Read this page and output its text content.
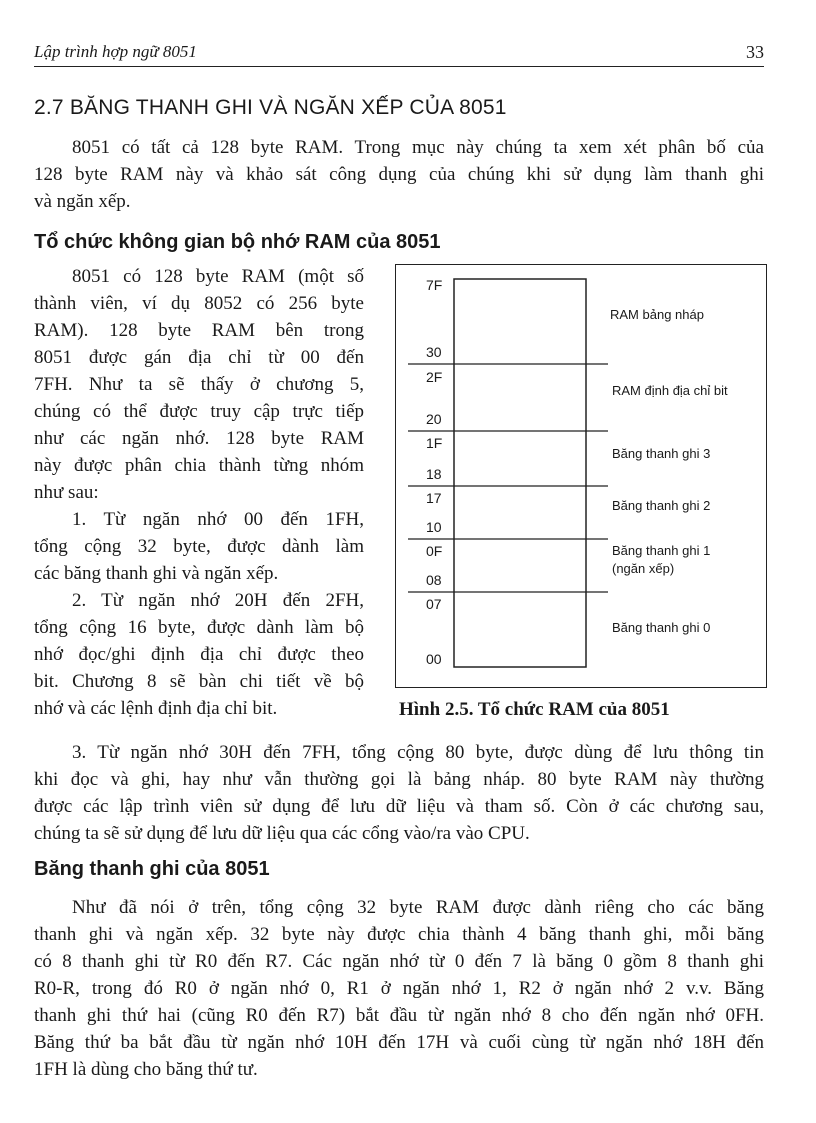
Lập trình hợp ngữ 8051	33
2.7 BĂNG THANH GHI VÀ NGĂN XẾP CỦA 8051
8051 có tất cả 128 byte RAM. Trong mục này chúng ta xem xét phân bố của
128 byte RAM này và khảo sát công dụng của chúng khi sử dụng làm thanh ghi
và ngăn xếp.
Tổ chức không gian bộ nhớ RAM của 8051
8051 có 128 byte RAM (một số
thành viên, ví dụ 8052 có 256 byte
RAM). 128 byte RAM bên trong
8051 được gán địa chỉ từ 00 đến
7FH. Như ta sẽ thấy ở chương 5,
chúng có thể được truy cập trực tiếp
như các ngăn nhớ. 128 byte RAM
này được phân chia thành từng nhóm
như sau:
1. Từ ngăn nhớ 00 đến 1FH,
tổng cộng 32 byte, được dành làm
các băng thanh ghi và ngăn xếp.
2. Từ ngăn nhớ 20H đến 2FH,
tổng cộng 16 byte, được dành làm bộ
nhớ đọc/ghi định địa chỉ được theo
bit. Chương 8 sẽ bàn chi tiết về bộ
nhớ và các lệnh định địa chỉ bit.
7F
30
2F
20
1F
18
17
10
0F
08
07
00
RAM bảng nháp
RAM định địa chỉ bit
Băng thanh ghi 3
Băng thanh ghi 2
Băng thanh ghi 1
(ngăn xếp)
Băng thanh ghi 0
Hình 2.5. Tổ chức RAM của 8051
3. Từ ngăn nhớ 30H đến 7FH, tổng cộng 80 byte, được dùng để lưu thông tin
khi đọc và ghi, hay như vẫn thường gọi là bảng nháp. 80 byte RAM này thường
được các lập trình viên sử dụng để lưu dữ liệu và tham số. Còn ở các chương sau,
chúng ta sẽ sử dụng để lưu dữ liệu qua các cổng vào/ra vào CPU.
Băng thanh ghi của 8051
Như đã nói ở trên, tổng cộng 32 byte RAM được dành riêng cho các băng
thanh ghi và ngăn xếp. 32 byte này được chia thành 4 băng thanh ghi, mỗi băng
có 8 thanh ghi từ R0 đến R7. Các ngăn nhớ từ 0 đến 7 là băng 0 gồm 8 thanh ghi
R0-R, trong đó R0 ở ngăn nhớ 0, R1 ở ngăn nhớ 1, R2 ở ngăn nhớ 2 v.v. Băng
thanh ghi thứ hai (cũng R0 đến R7) bắt đầu từ ngăn nhớ 8 cho đến ngăn nhớ 0FH.
Băng thứ ba bắt đầu từ ngăn nhớ 10H đến 17H và cuối cùng từ ngăn nhớ 18H đến
1FH là dùng cho băng thứ tư.
